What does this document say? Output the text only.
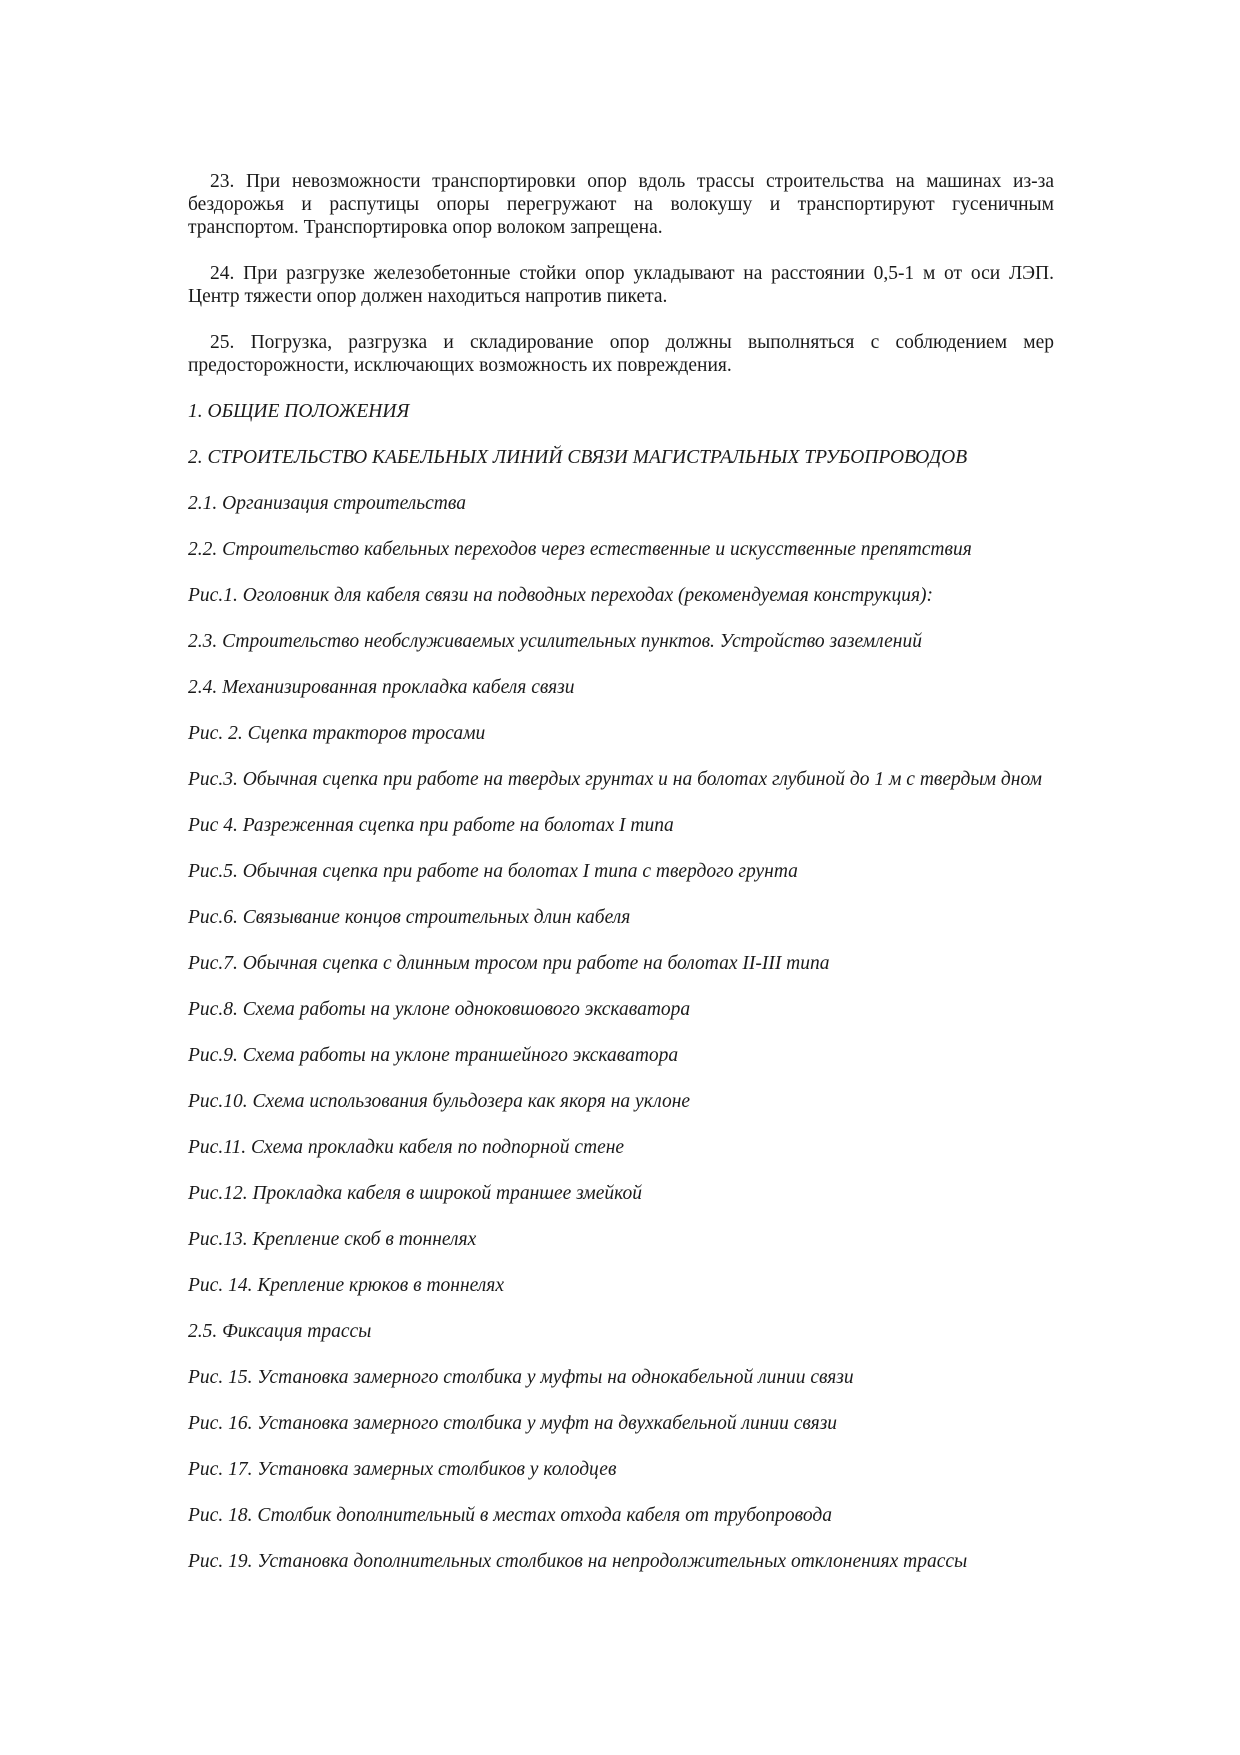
23. При невозможности транспортировки опор вдоль трассы строительства на машинах из-за бездорожья и распутицы опоры перегружают на волокушу и транспортируют гусеничным транспортом. Транспортировка опор волоком запрещена.

24. При разгрузке железобетонные стойки опор укладывают на расстоянии 0,5-1 м от оси ЛЭП. Центр тяжести опор должен находиться напротив пикета.

25. Погрузка, разгрузка и складирование опор должны выполняться с соблюдением мер предосторожности, исключающих возможность их повреждения.

1. ОБЩИЕ ПОЛОЖЕНИЯ
2. СТРОИТЕЛЬСТВО КАБЕЛЬНЫХ ЛИНИЙ СВЯЗИ МАГИСТРАЛЬНЫХ ТРУБОПРОВОДОВ
2.1. Организация строительства
2.2. Строительство кабельных переходов через естественные и искусственные препятствия
Рис.1. Оголовник для кабеля связи на подводных переходах (рекомендуемая конструкция):
2.3. Строительство необслуживаемых усилительных пунктов. Устройство заземлений
2.4. Механизированная прокладка кабеля связи
Рис. 2. Сцепка тракторов тросами
Рис.3. Обычная сцепка при работе на твердых грунтах и на болотах глубиной до 1 м с твердым дном
Рис 4. Разреженная сцепка при работе на болотах I типа
Рис.5. Обычная сцепка при работе на болотах I типа с твердого грунта
Рис.6. Связывание концов строительных длин кабеля
Рис.7. Обычная сцепка с длинным тросом при работе на болотах II-III типа
Рис.8. Схема работы на уклоне одноковшового экскаватора
Рис.9. Схема работы на уклоне траншейного экскаватора
Рис.10. Схема использования бульдозера как якоря на уклоне
Рис.11. Схема прокладки кабеля по подпорной стене
Рис.12. Прокладка кабеля в широкой траншее змейкой
Рис.13. Крепление скоб в тоннелях
Рис. 14. Крепление крюков в тоннелях
2.5. Фиксация трассы
Рис. 15. Установка замерного столбика у муфты на однокабельной линии связи
Рис. 16. Установка замерного столбика у муфт на двухкабельной линии связи
Рис. 17. Установка замерных столбиков у колодцев
Рис. 18. Столбик дополнительный в местах отхода кабеля от трубопровода
Рис. 19. Установка дополнительных столбиков на непродолжительных отклонениях трассы
